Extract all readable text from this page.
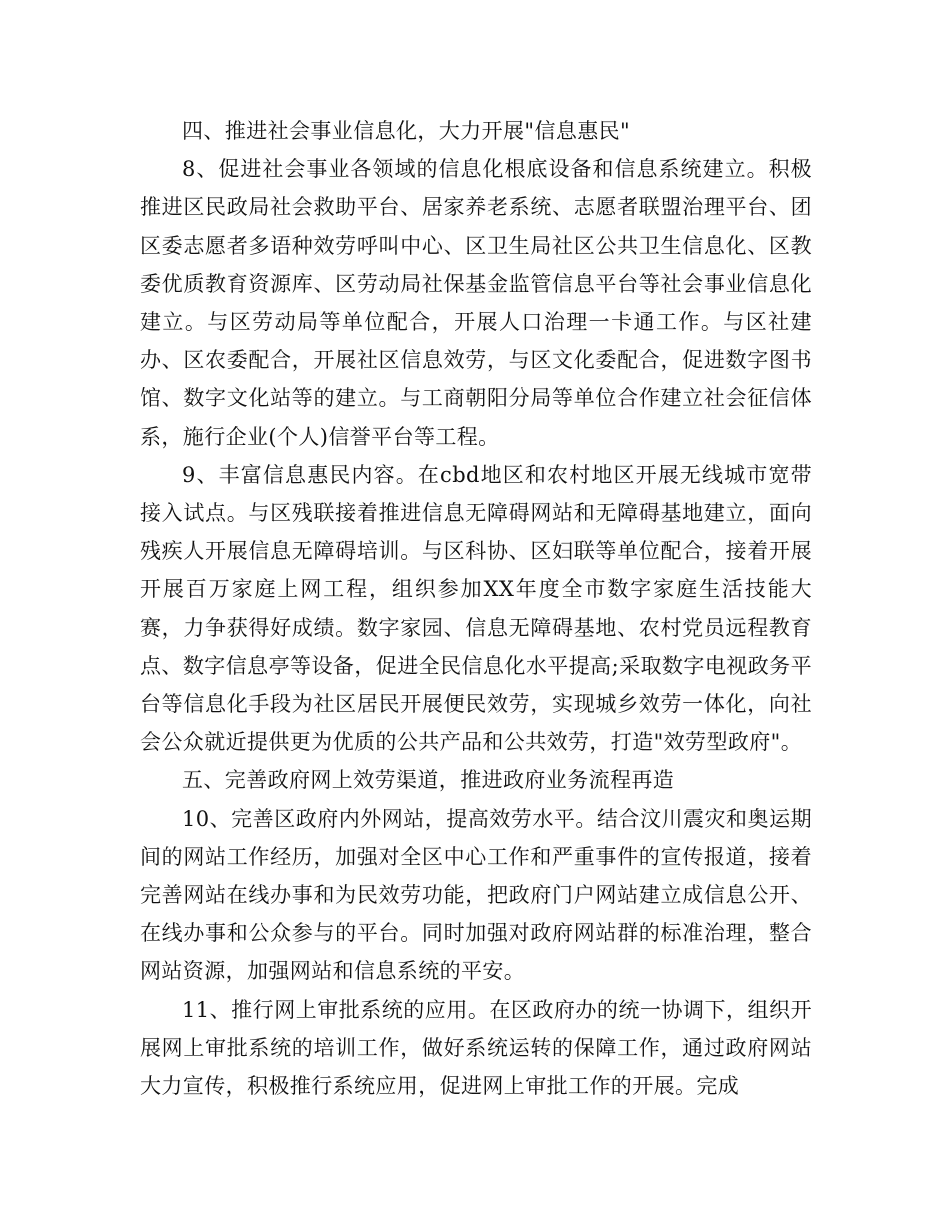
四、推进社会事业信息化，大力开展"信息惠民"

8、促进社会事业各领域的信息化根底设备和信息系统建立。积极推进区民政局社会救助平台、居家养老系统、志愿者联盟治理平台、团区委志愿者多语种效劳呼叫中心、区卫生局社区公共卫生信息化、区教委优质教育资源库、区劳动局社保基金监管信息平台等社会事业信息化建立。与区劳动局等单位配合，开展人口治理一卡通工作。与区社建办、区农委配合，开展社区信息效劳，与区文化委配合，促进数字图书馆、数字文化站等的建立。与工商朝阳分局等单位合作建立社会征信体系，施行企业(个人)信誉平台等工程。

9、丰富信息惠民内容。在cbd地区和农村地区开展无线城市宽带接入试点。与区残联接着推进信息无障碍网站和无障碍基地建立，面向残疾人开展信息无障碍培训。与区科协、区妇联等单位配合，接着开展开展百万家庭上网工程，组织参加XX年度全市数字家庭生活技能大赛，力争获得好成绩。数字家园、信息无障碍基地、农村党员远程教育点、数字信息亭等设备，促进全民信息化水平提高;采取数字电视政务平台等信息化手段为社区居民开展便民效劳，实现城乡效劳一体化，向社会公众就近提供更为优质的公共产品和公共效劳，打造"效劳型政府"。

五、完善政府网上效劳渠道，推进政府业务流程再造

10、完善区政府内外网站，提高效劳水平。结合汶川震灾和奥运期间的网站工作经历，加强对全区中心工作和严重事件的宣传报道，接着完善网站在线办事和为民效劳功能，把政府门户网站建立成信息公开、在线办事和公众参与的平台。同时加强对政府网站群的标准治理，整合网站资源，加强网站和信息系统的平安。

11、推行网上审批系统的应用。在区政府办的统一协调下，组织开展网上审批系统的培训工作，做好系统运转的保障工作，通过政府网站大力宣传，积极推行系统应用，促进网上审批工作的开展。完成
